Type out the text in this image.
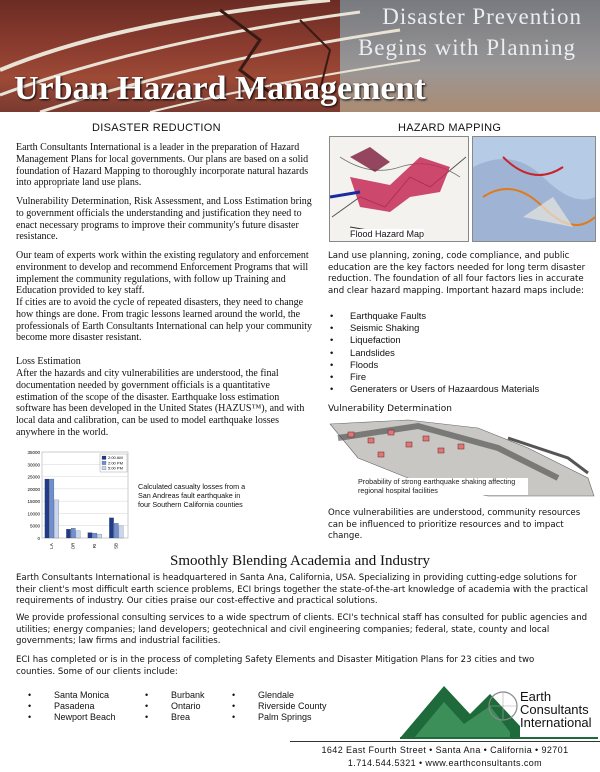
Disaster Prevention
Begins with Planning
Urban Hazard Management
DISASTER REDUCTION
Earth Consultants International is a leader in the preparation of Hazard Management Plans for local governments. Our plans are based on a solid foundation of Hazard Mapping to thoroughly incorporate natural hazards into appropriate land use plans.
Vulnerability Determination, Risk Assessment, and Loss Estimation bring to government officials the understanding and justification they need to enact necessary programs to improve their community's future disaster resistance.
Our team of experts work within the existing regulatory and enforcement environment to develop and recommend Enforcement Programs that will implement the community regulations, with follow up Training and Education provided to key staff.
If cities are to avoid the cycle of repeated disasters, they need to change how things are done. From tragic lessons learned around the world, the professionals of Earth Consultants International can help your community become more disaster resistant.
Loss Estimation
After the hazards and city vulnerabilities are understood, the final documentation needed by government officials is a quantitative estimation of the scope of the disaster. Earthquake loss estimation software has been developed in the United States (HAZUS™), and with local data and calibration, can be used to model earthquake losses anywhere in the world.
35000
30000
25000
20000
15000
10000
5000
0
LA	OR	RI	SB
2:00 AM
2:00 PM
5:00 PM
Calculated casualty losses from a San Andreas fault earthquake in four Southern California counties
HAZARD MAPPING
Flood Hazard Map
Land use planning, zoning, code compliance, and public education are the key factors needed for long term disaster reduction. The foundation of all four factors lies in accurate and clear hazard mapping. Important hazard maps include:
• Earthquake Faults
• Seismic Shaking
• Liquefaction
• Landslides
• Floods
• Fire
• Generaters or Users of Hazaardous Materials
Vulnerability Determination
Probability of strong earthquake shaking affecting regional hospital facilities
Once vulnerabilities are understood, community resources can be influenced to prioritize resources and to impact change.
Smoothly Blending Academia and Industry
Earth Consultants International is headquartered in Santa Ana, California, USA. Specializing in providing cutting-edge solutions for their client's most difficult earth science problems, ECI brings together the state-of-the-art knowledge of academia with the practical requirements of industry. Our cities praise our cost-effective and practical solutions.
We provide professional consulting services to a wide spectrum of clients. ECI's technical staff has consulted for public agencies and utilities; energy companies; land developers; geotechnical and civil engineering companies; federal, state, county and local governments; law firms and industrial facilities.
ECI has completed or is in the process of completing Safety Elements and Disaster Mitigation Plans for 23 cities and two counties. Some of our clients include:
• Santa Monica
• Pasadena
• Newport Beach
• Burbank
• Ontario
• Brea
• Glendale
• Riverside County
• Palm Springs
Earth
Consultants
International
1642 East Fourth Street • Santa Ana • California • 92701
1.714.544.5321 • www.earthconsultants.com
